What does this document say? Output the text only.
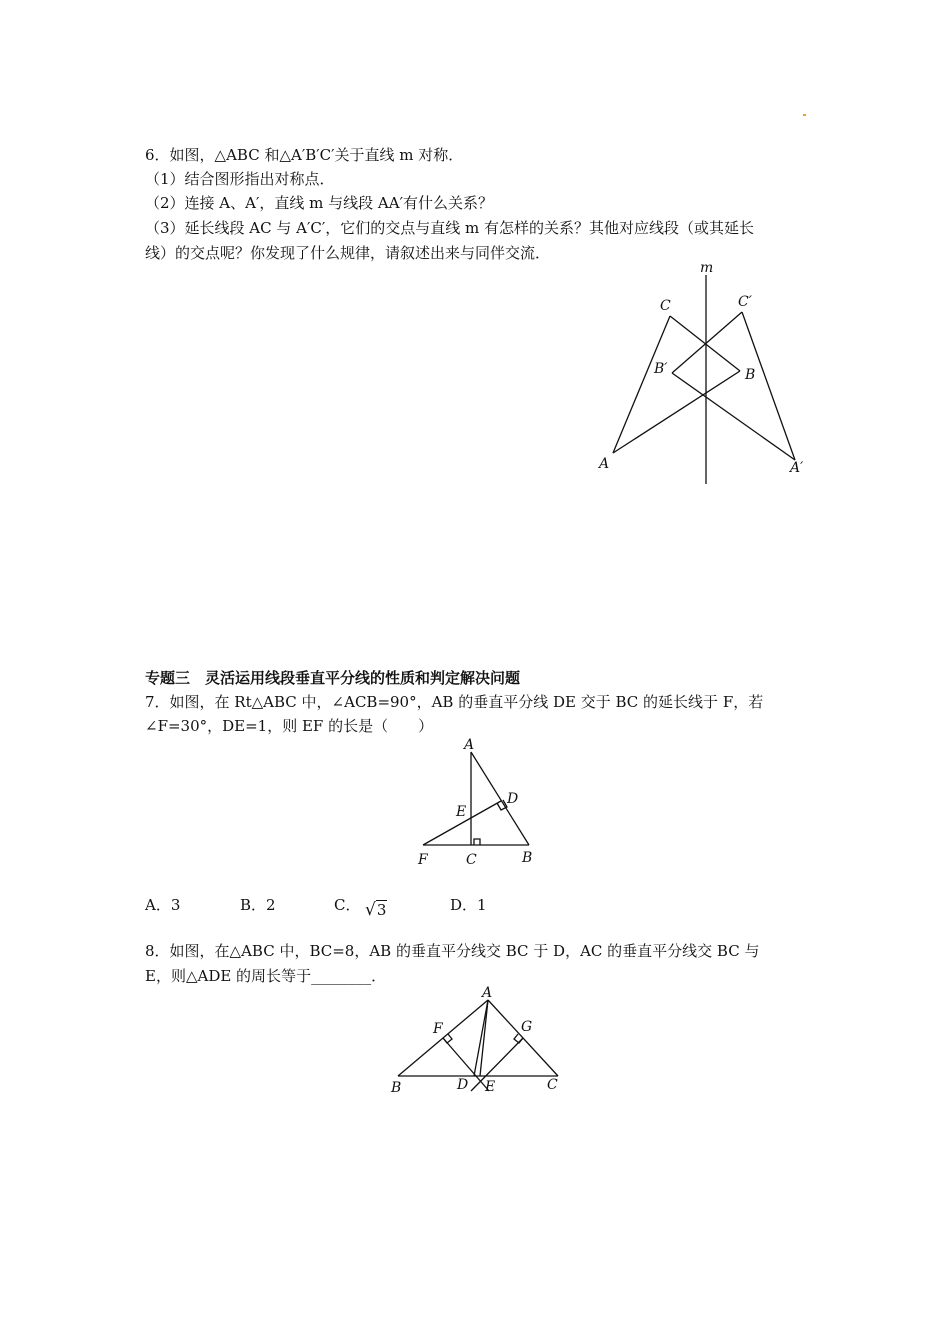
6．如图，△ABC 和△A′B′C′关于直线 m 对称．
（1）结合图形指出对称点．
（2）连接 A、A′，直线 m 与线段 AA′有什么关系？
（3）延长线段 AC 与 A′C′，它们的交点与直线 m 有怎样的关系？其他对应线段（或其延长
线）的交点呢？你发现了什么规律，请叙述出来与同伴交流．
m
C	C′
B′	B
A	A′
专题三　灵活运用线段垂直平分线的性质和判定解决问题
7．如图，在 Rt△ABC 中，∠ACB=90°，AB 的垂直平分线 DE 交于 BC 的延长线于 F，若
∠F=30°，DE=1，则 EF 的长是（　　）
A
D
E
F	C	B
A．3	B．2	C． √3	D．1
8．如图，在△ABC 中，BC=8，AB 的垂直平分线交 BC 于 D，AC 的垂直平分线交 BC 与
E，则△ADE 的周长等于________．
A
F	G
B	D E	C
